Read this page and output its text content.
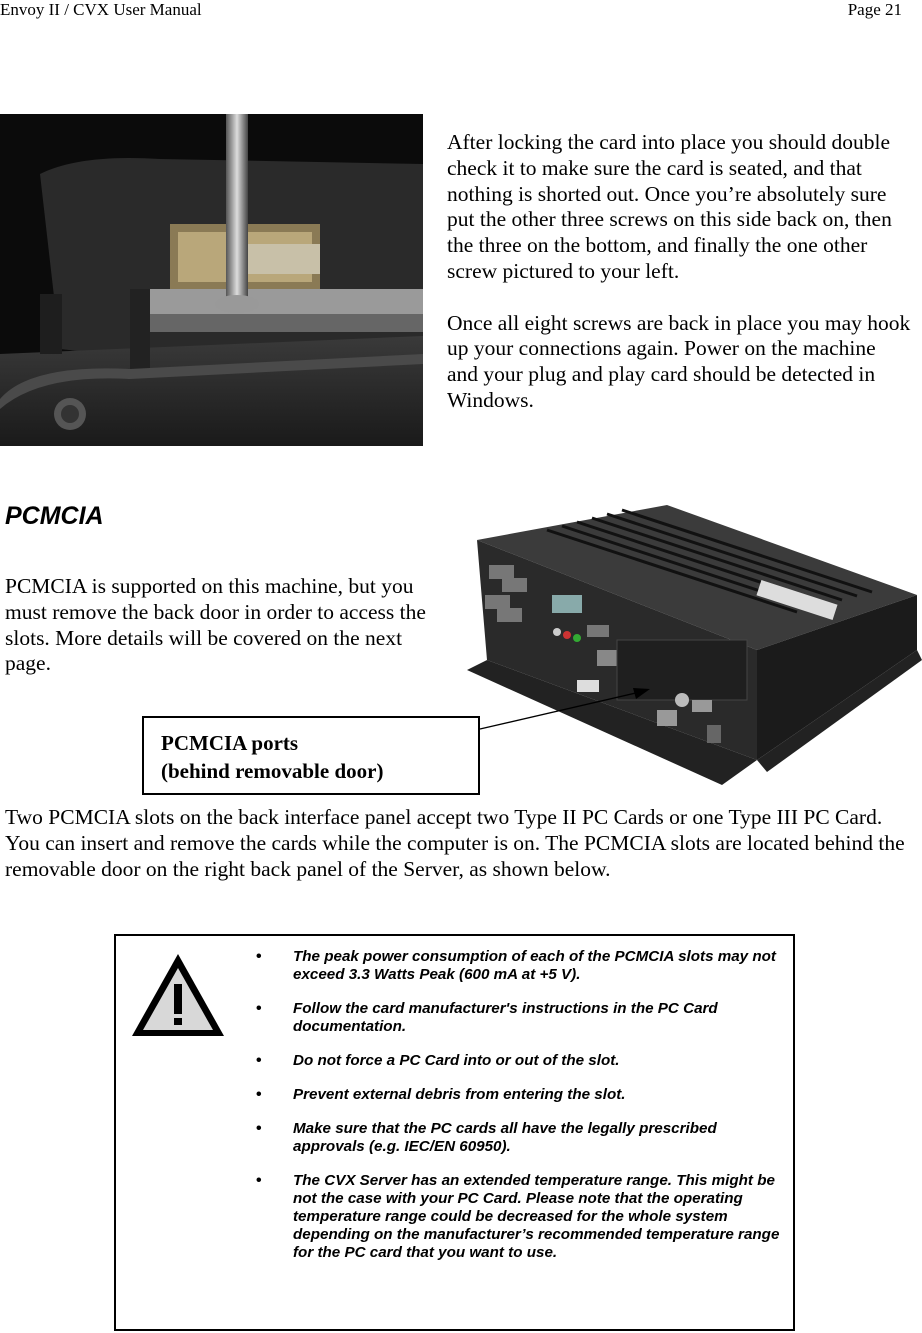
Envoy II / CVX User Manual	Page 21
After locking the card into place you should double check it to make sure the card is seated, and that nothing is shorted out. Once you’re absolutely sure put the other three screws on this side back on, then the three on the bottom, and finally the one other screw pictured to your left.
Once all eight screws are back in place you may hook up your connections again. Power on the machine and your plug and play card should be detected in Windows.
PCMCIA
PCMCIA is supported on this machine, but you must remove the back door in order to access the slots. More details will be covered on the next page.
PCMCIA ports
(behind removable door)
Two PCMCIA slots on the back interface panel accept two Type II PC Cards or one Type III PC Card. You can insert and remove the cards while the computer is on. The PCMCIA slots are located behind the removable door on the right back panel of the Server, as shown below.
• The peak power consumption of each of the PCMCIA slots may not exceed 3.3 Watts Peak (600 mA at +5 V).
• Follow the card manufacturer's instructions in the PC Card documentation.
• Do not force a PC Card into or out of the slot.
• Prevent external debris from entering the slot.
• Make sure that the PC cards all have the legally prescribed approvals (e.g. IEC/EN 60950).
• The CVX Server has an extended temperature range. This might be not the case with your PC Card. Please note that the operating temperature range could be decreased for the whole system depending on the manufacturer’s recommended temperature range for the PC card that you want to use.
